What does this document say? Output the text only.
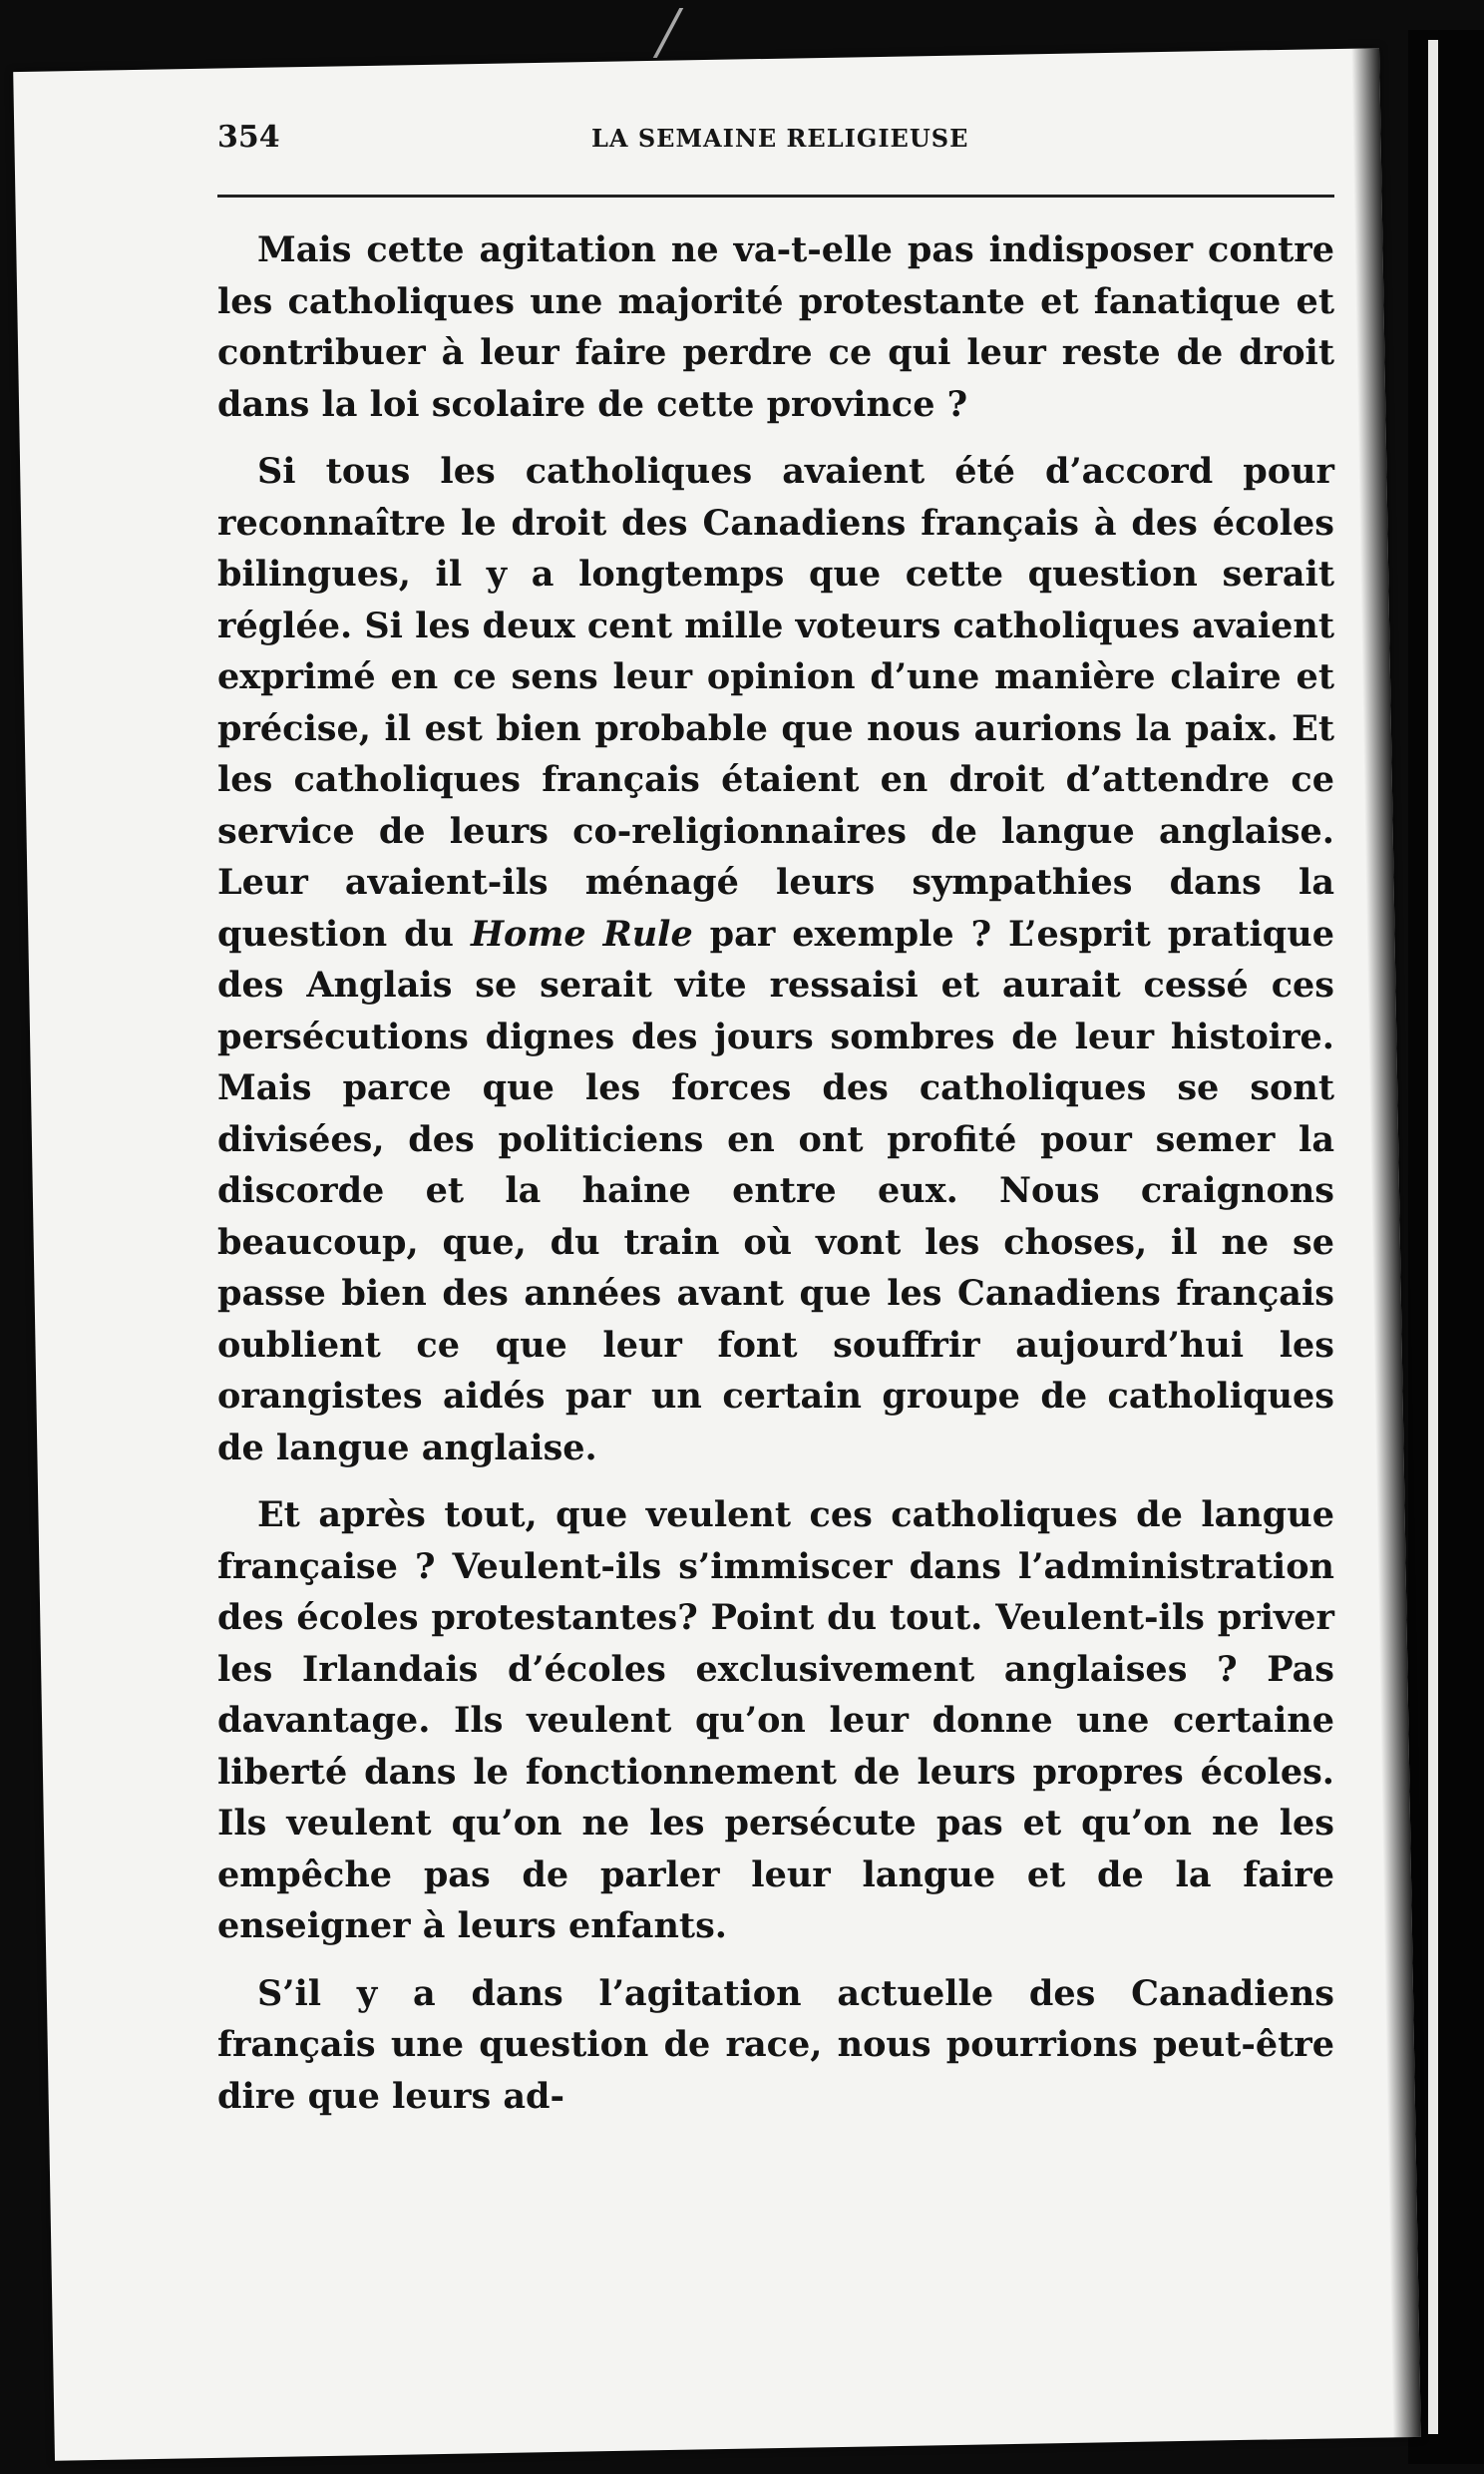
354	LA SEMAINE RELIGIEUSE

Mais cette agitation ne va-t-elle pas indisposer contre les catholiques une majorité protestante et fanatique et contribuer à leur faire perdre ce qui leur reste de droit dans la loi scolaire de cette province ?

Si tous les catholiques avaient été d’accord pour reconnaître le droit des Canadiens français à des écoles bilingues, il y a longtemps que cette question serait réglée. Si les deux cent mille voteurs catholiques avaient exprimé en ce sens leur opinion d’une manière claire et précise, il est bien probable que nous aurions la paix. Et les catholiques français étaient en droit d’attendre ce service de leurs co-religionnaires de langue anglaise. Leur avaient-ils ménagé leurs sympathies dans la question du Home Rule par exemple ? L’esprit pratique des Anglais se serait vite ressaisi et aurait cessé ces persécutions dignes des jours sombres de leur histoire. Mais parce que les forces des catholiques se sont divisées, des politiciens en ont profité pour semer la discorde et la haine entre eux. Nous craignons beaucoup, que, du train où vont les choses, il ne se passe bien des années avant que les Canadiens français oublient ce que leur font souffrir aujourd’hui les orangistes aidés par un certain groupe de catholiques de langue anglaise.

Et après tout, que veulent ces catholiques de langue française ? Veulent-ils s’immiscer dans l’administration des écoles protestantes? Point du tout. Veulent-ils priver les Irlandais d’écoles exclusivement anglaises ? Pas davantage. Ils veulent qu’on leur donne une certaine liberté dans le fonctionnement de leurs propres écoles. Ils veulent qu’on ne les persécute pas et qu’on ne les empêche pas de parler leur langue et de la faire enseigner à leurs enfants.

S’il y a dans l’agitation actuelle des Canadiens français une question de race, nous pourrions peut-être dire que leurs ad-
